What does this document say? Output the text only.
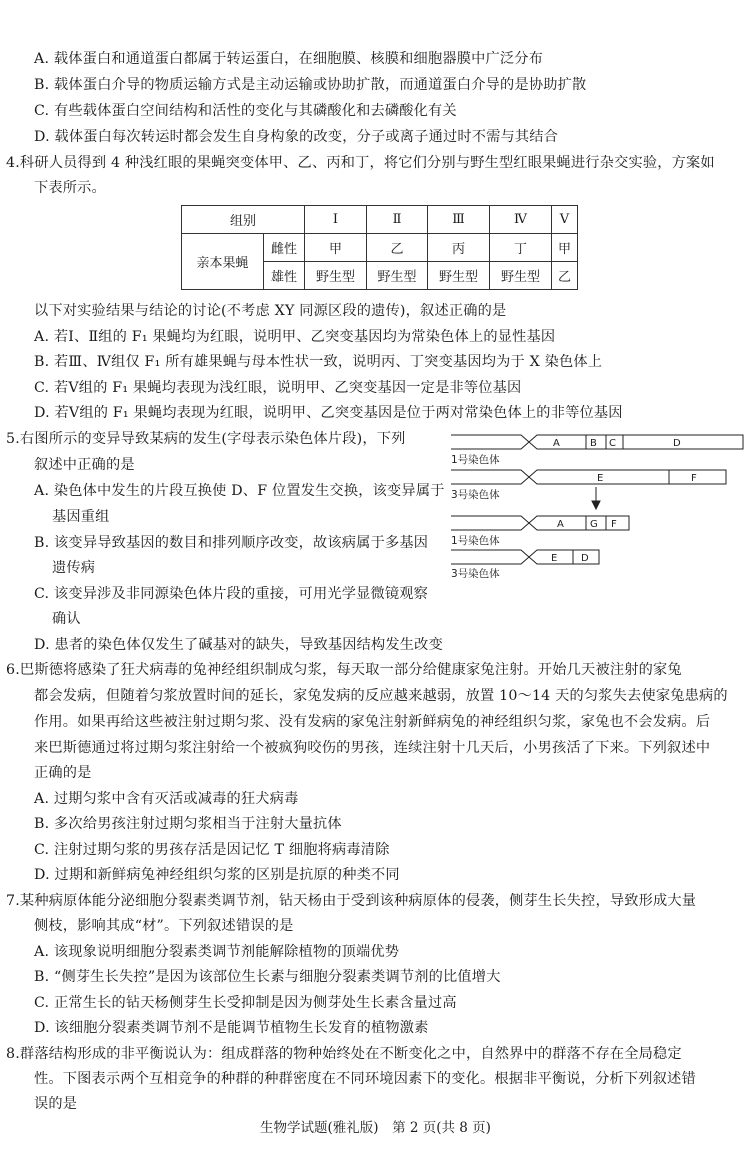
A. 载体蛋白和通道蛋白都属于转运蛋白，在细胞膜、核膜和细胞器膜中广泛分布
B. 载体蛋白介导的物质运输方式是主动运输或协助扩散，而通道蛋白介导的是协助扩散
C. 有些载体蛋白空间结构和活性的变化与其磷酸化和去磷酸化有关
D. 载体蛋白每次转运时都会发生自身构象的改变，分子或离子通过时不需与其结合
4.科研人员得到 4 种浅红眼的果蝇突变体甲、乙、丙和丁，将它们分别与野生型红眼果蝇进行杂交实验，方案如
下表所示。
组别		Ⅰ	Ⅱ	Ⅲ	Ⅳ	Ⅴ
亲本果蝇	雌性	甲	乙	丙	丁	甲
	雄性	野生型	野生型	野生型	野生型	乙
以下对实验结果与结论的讨论(不考虑 XY 同源区段的遗传)，叙述正确的是
A. 若Ⅰ、Ⅱ组的 F₁ 果蝇均为红眼，说明甲、乙突变基因均为常染色体上的显性基因
B. 若Ⅲ、Ⅳ组仅 F₁ 所有雄果蝇与母本性状一致，说明丙、丁突变基因均为于 X 染色体上
C. 若Ⅴ组的 F₁ 果蝇均表现为浅红眼，说明甲、乙突变基因一定是非等位基因
D. 若Ⅴ组的 F₁ 果蝇均表现为红眼，说明甲、乙突变基因是位于两对常染色体上的非等位基因
5.右图所示的变异导致某病的发生(字母表示染色体片段)，下列
叙述中正确的是
A. 染色体中发生的片段互换使 D、F 位置发生交换，该变异属于
基因重组
B. 该变异导致基因的数目和排列顺序改变，故该病属于多基因
遗传病
C. 该变异涉及非同源染色体片段的重接，可用光学显微镜观察
确认
D. 患者的染色体仅发生了碱基对的缺失，导致基因结构发生改变
A	B C	D
1号染色体
E	F
3号染色体
A	G F
1号染色体
E D
3号染色体
6.巴斯德将感染了狂犬病毒的兔神经组织制成匀浆，每天取一部分给健康家兔注射。开始几天被注射的家兔
都会发病，但随着匀浆放置时间的延长，家兔发病的反应越来越弱，放置 10～14 天的匀浆失去使家兔患病的
作用。如果再给这些被注射过期匀浆、没有发病的家兔注射新鲜病兔的神经组织匀浆，家兔也不会发病。后
来巴斯德通过将过期匀浆注射给一个被疯狗咬伤的男孩，连续注射十几天后，小男孩活了下来。下列叙述中
正确的是
A. 过期匀浆中含有灭活或减毒的狂犬病毒
B. 多次给男孩注射过期匀浆相当于注射大量抗体
C. 注射过期匀浆的男孩存活是因记忆 T 细胞将病毒清除
D. 过期和新鲜病兔神经组织匀浆的区别是抗原的种类不同
7.某种病原体能分泌细胞分裂素类调节剂，钻天杨由于受到该种病原体的侵袭，侧芽生长失控，导致形成大量
侧枝，影响其成“材”。下列叙述错误的是
A. 该现象说明细胞分裂素类调节剂能解除植物的顶端优势
B. “侧芽生长失控”是因为该部位生长素与细胞分裂素类调节剂的比值增大
C. 正常生长的钻天杨侧芽生长受抑制是因为侧芽处生长素含量过高
D. 该细胞分裂素类调节剂不是能调节植物生长发育的植物激素
8.群落结构形成的非平衡说认为：组成群落的物种始终处在不断变化之中，自然界中的群落不存在全局稳定
性。下图表示两个互相竞争的种群的种群密度在不同环境因素下的变化。根据非平衡说，分析下列叙述错
误的是
生物学试题(雅礼版)　第 2 页(共 8 页)
